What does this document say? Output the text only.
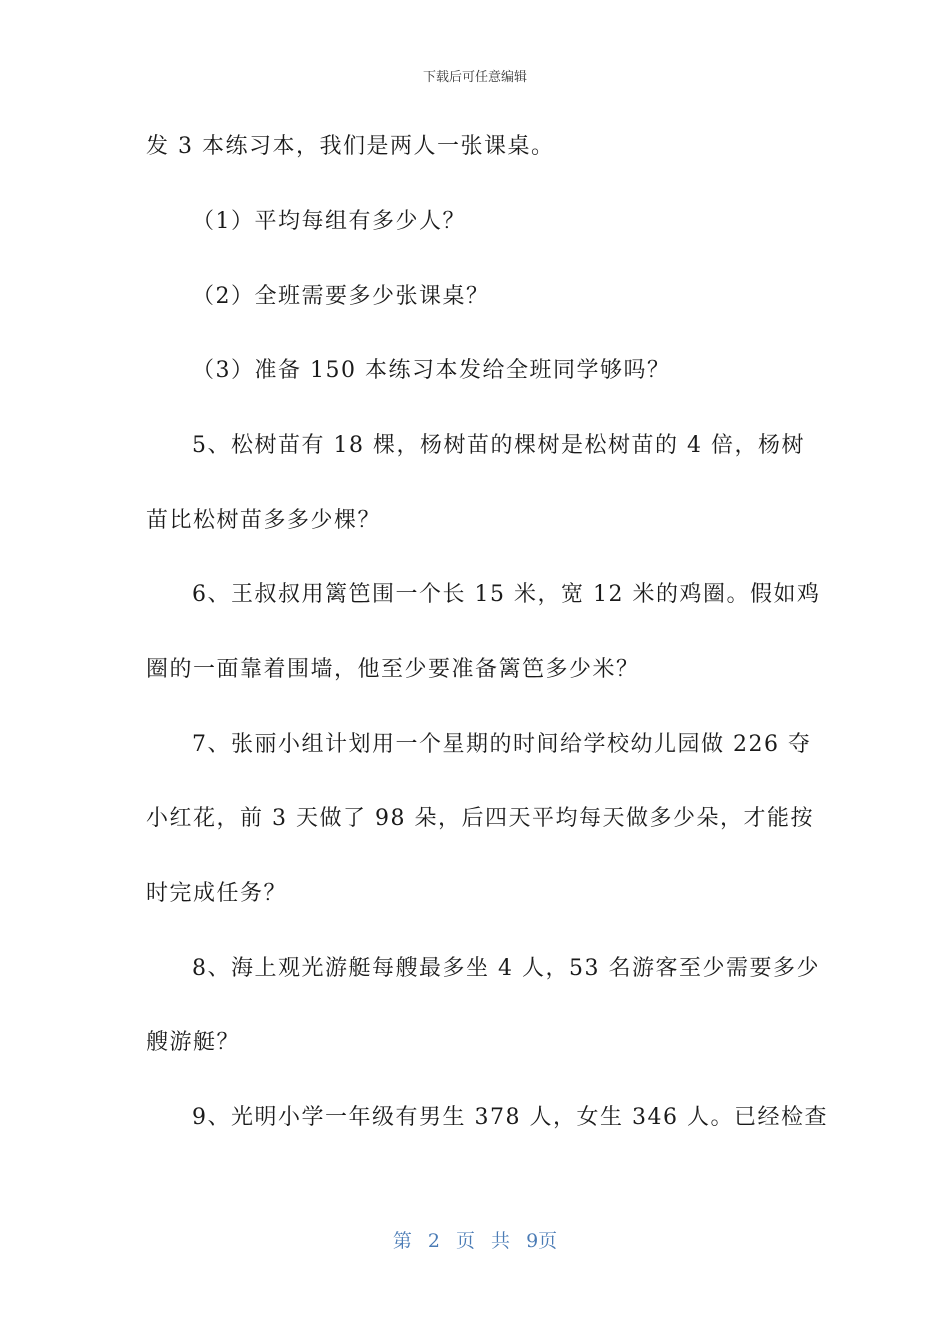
下载后可任意编辑
发 3 本练习本，我们是两人一张课桌。
（1）平均每组有多少人？
（2）全班需要多少张课桌？
（3）准备 150 本练习本发给全班同学够吗？
5、松树苗有 18 棵，杨树苗的棵树是松树苗的 4 倍，杨树
苗比松树苗多多少棵？
6、王叔叔用篱笆围一个长 15 米，宽 12 米的鸡圈。假如鸡
圈的一面靠着围墙，他至少要准备篱笆多少米？
7、张丽小组计划用一个星期的时间给学校幼儿园做 226 夺
小红花，前 3 天做了 98 朵，后四天平均每天做多少朵，才能按
时完成任务？
8、海上观光游艇每艘最多坐 4 人，53 名游客至少需要多少
艘游艇？
9、光明小学一年级有男生 378 人，女生 346 人。已经检查
第 2 页 共 9页
